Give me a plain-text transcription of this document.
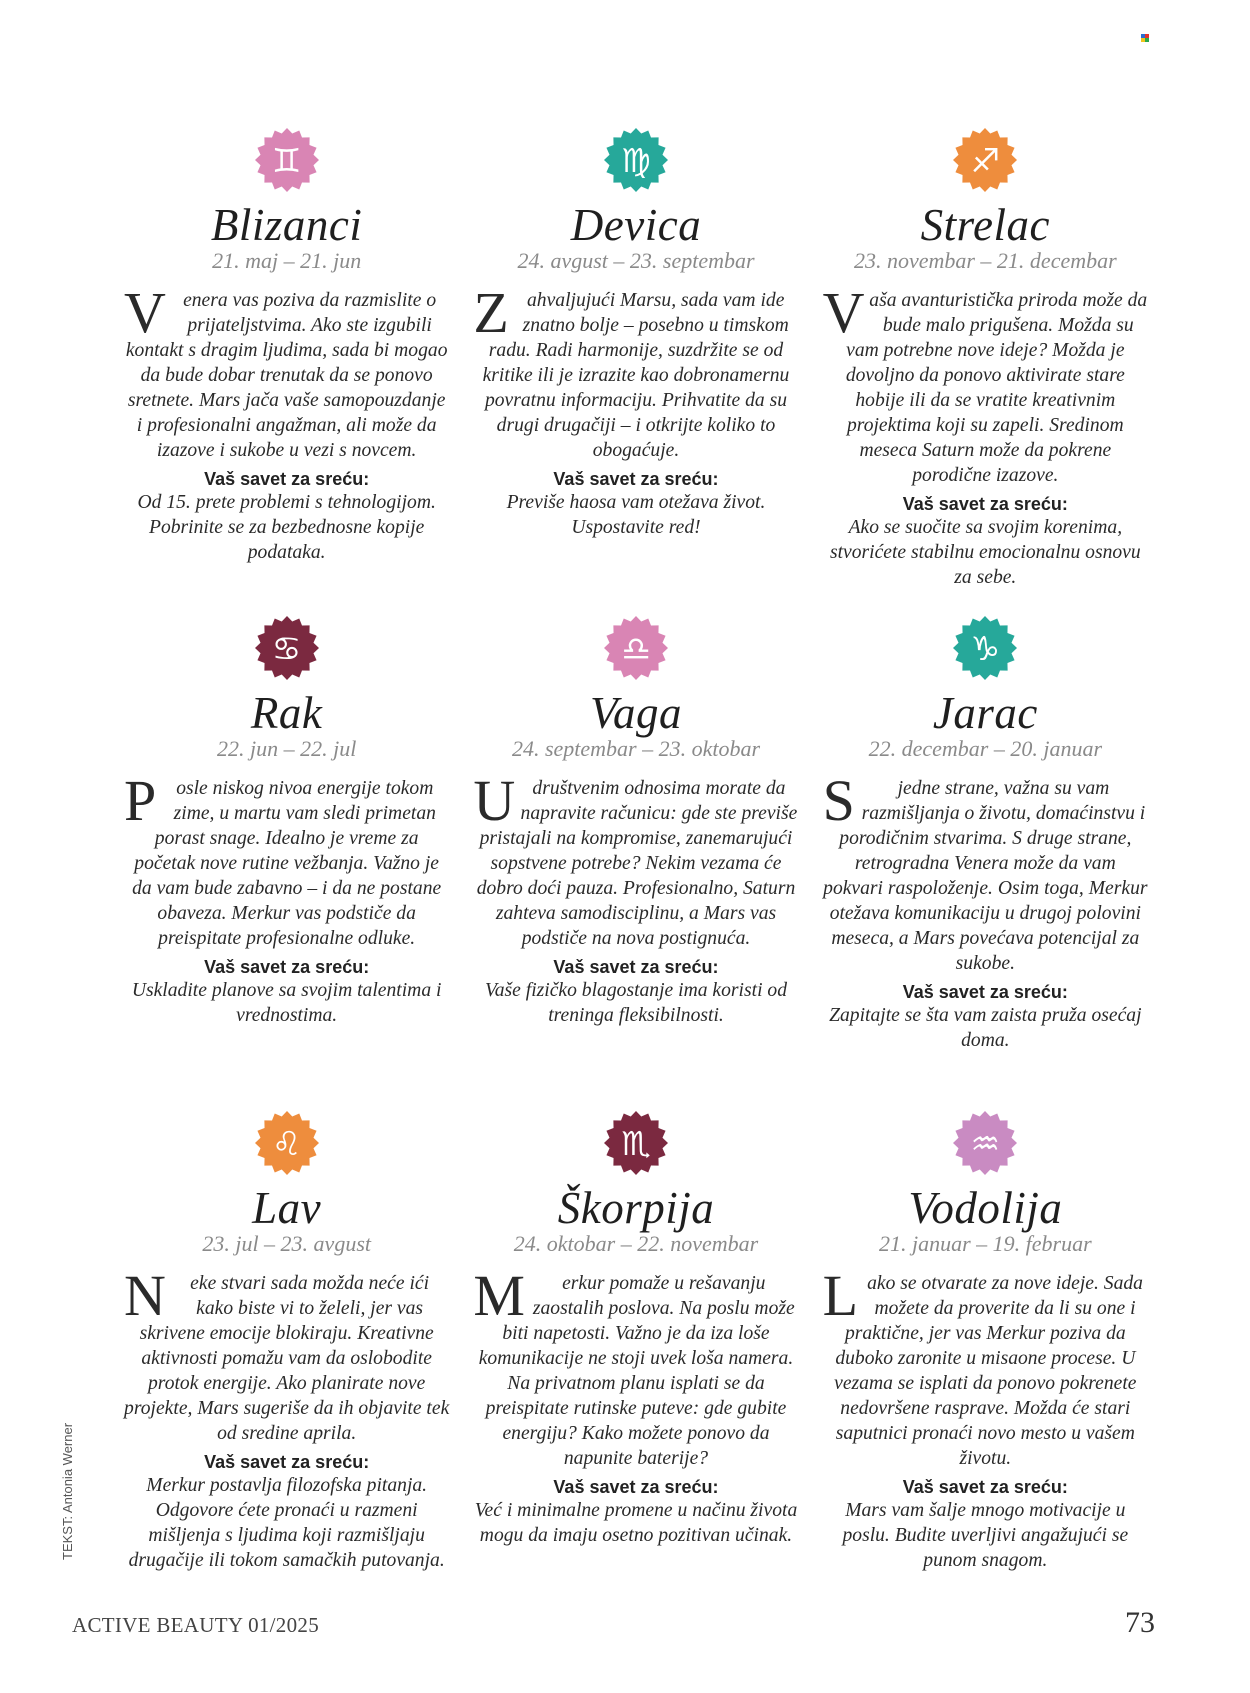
♊
Blizanci
21. maj – 21. jun
Venera vas poziva da razmislite o prijateljstvima. Ako ste izgubili kontakt s dragim ljudima, sada bi mogao da bude dobar trenutak da se ponovo sretnete. Mars jača vaše samopouzdanje i profesionalni angažman, ali može da izazove i sukobe u vezi s novcem.
Vaš savet za sreću:
Od 15. prete problemi s tehnologijom. Pobrinite se za bezbednosne kopije podataka.
♍
Devica
24. avgust – 23. septembar
Zahvaljujući Marsu, sada vam ide znatno bolje – posebno u timskom radu. Radi harmonije, suzdržite se od kritike ili je izrazite kao dobronamernu povratnu informaciju. Prihvatite da su drugi drugačiji – i otkrijte koliko to obogaćuje.
Vaš savet za sreću:
Previše haosa vam otežava život. Uspostavite red!
♐
Strelac
23. novembar – 21. decembar
Vaša avanturistička priroda može da bude malo prigušena. Možda su vam potrebne nove ideje? Možda je dovoljno da ponovo aktivirate stare hobije ili da se vratite kreativnim projektima koji su zapeli. Sredinom meseca Saturn može da pokrene porodične izazove.
Vaš savet za sreću:
Ako se suočite sa svojim korenima, stvorićete stabilnu emocionalnu osnovu za sebe.
♋
Rak
22. jun – 22. jul
P osle niskog nivoa energije tokom zime, u martu vam sledi primetan porast snage. Idealno je vreme za početak nove rutine vežbanja. Važno je da vam bude zabavno – i da ne postane obaveza. Merkur vas podstiče da preispitate profesionalne odluke.
Vaš savet za sreću:
Uskladite planove sa svojim talentima i vrednostima.
♎
Vaga
24. septembar – 23. oktobar
Udruštvenim odnosima morate da napravite računicu: gde ste previše pristajali na kompromise, zanemarujući sopstvene potrebe? Nekim vezama će dobro doći pauza. Profesionalno, Saturn zahteva samodisciplinu, a Mars vas podstiče na nova postignuća.
Vaš savet za sreću:
Vaše fizičko blagostanje ima koristi od treninga fleksibilnosti.
♑
Jarac
22. decembar – 20. januar
S jedne strane, važna su vam razmišljanja o životu, domaćinstvu i porodičnim stvarima. S druge strane, retrogradna Venera može da vam pokvari raspoloženje. Osim toga, Merkur otežava komunikaciju u drugoj polovini meseca, a Mars povećava potencijal za sukobe.
Vaš savet za sreću:
Zapitajte se šta vam zaista pruža osećaj doma.
♌
Lav
23. jul – 23. avgust
N eke stvari sada možda neće ići kako biste vi to želeli, jer vas skrivene emocije blokiraju. Kreativne aktivnosti pomažu vam da oslobodite protok energije. Ako planirate nove projekte, Mars sugeriše da ih objavite tek od sredine aprila.
Vaš savet za sreću:
Merkur postavlja filozofska pitanja. Odgovore ćete pronaći u razmeni mišljenja s ljudima koji razmišljaju drugačije ili tokom samačkih putovanja.
♏
Škorpija
24. oktobar – 22. novembar
M erkur pomaže u rešavanju zaostalih poslova. Na poslu može biti napetosti. Važno je da iza loše komunikacije ne stoji uvek loša namera. Na privatnom planu isplati se da preispitate rutinske puteve: gde gubite energiju? Kako možete ponovo da napunite baterije?
Vaš savet za sreću:
Već i minimalne promene u načinu života mogu da imaju osetno pozitivan učinak.
♒
Vodolija
21. januar – 19. februar
Lako se otvarate za nove ideje. Sada možete da proverite da li su one i praktične, jer vas Merkur poziva da duboko zaronite u misaone procese. U vezama se isplati da ponovo pokrenete nedovršene rasprave. Možda će stari saputnici pronaći novo mesto u vašem životu.
Vaš savet za sreću:
Mars vam šalje mnogo motivacije u poslu. Budite uverljivi angažujući se punom snagom.
TEKST: Antonia Werner
ACTIVE BEAUTY 01/2025	73
